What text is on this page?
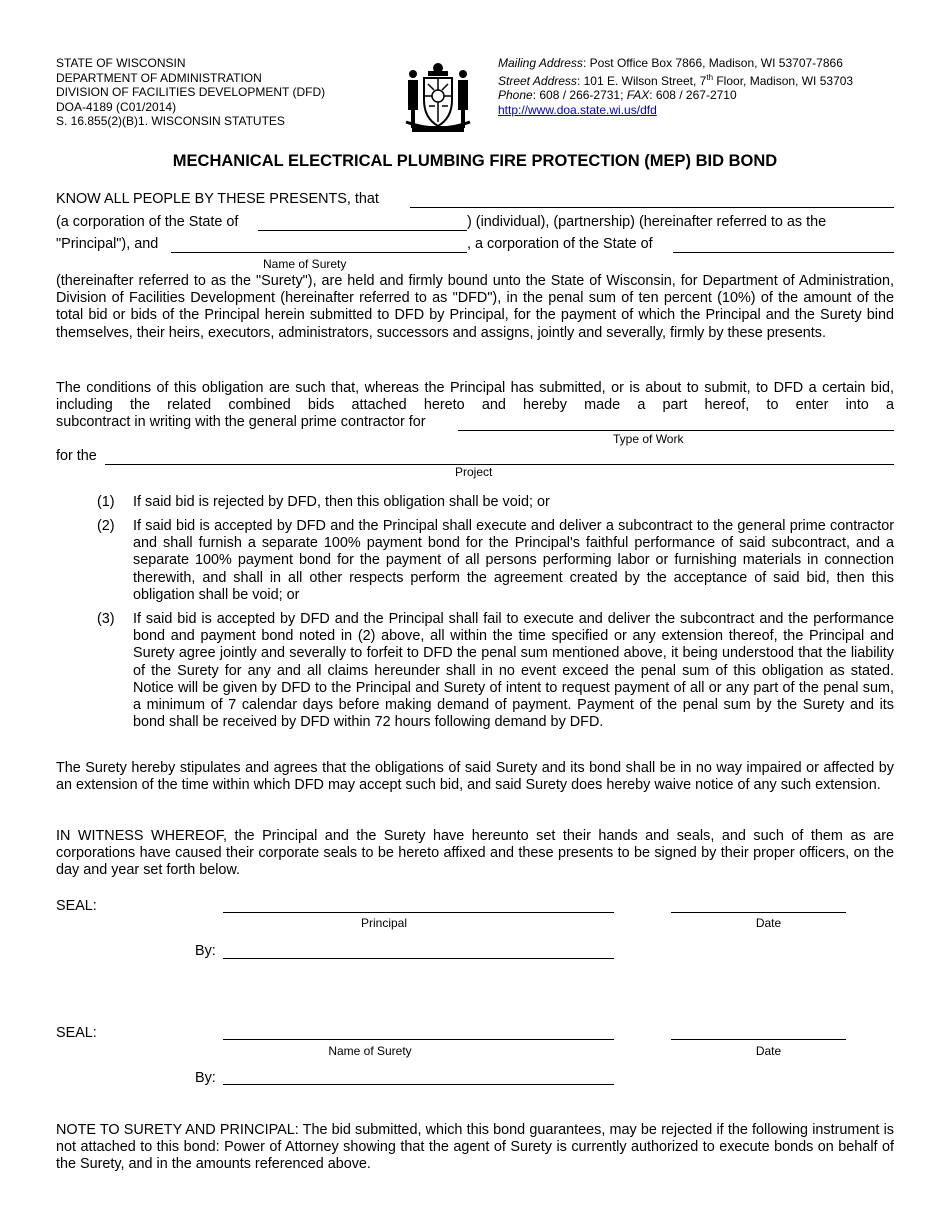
STATE OF WISCONSIN
DEPARTMENT OF ADMINISTRATION
DIVISION OF FACILITIES DEVELOPMENT (DFD)
DOA-4189 (C01/2014)
S. 16.855(2)(B)1. WISCONSIN STATUTES
Mailing Address: Post Office Box 7866, Madison, WI 53707-7866
Street Address: 101 E. Wilson Street, 7th Floor, Madison, WI 53703
Phone: 608 / 266-2731; FAX: 608 / 267-2710
http://www.doa.state.wi.us/dfd
MECHANICAL ELECTRICAL PLUMBING FIRE PROTECTION (MEP) BID BOND
KNOW ALL PEOPLE BY THESE PRESENTS, that
(a corporation of the State of	) (individual), (partnership) (hereinafter referred to as the
"Principal"), and	, a corporation of the State of
Name of Surety
(thereinafter referred to as the "Surety"), are held and firmly bound unto the State of Wisconsin, for Department of Administration, Division of Facilities Development (hereinafter referred to as "DFD"), in the penal sum of ten percent (10%) of the amount of the total bid or bids of the Principal herein submitted to DFD by Principal, for the payment of which the Principal and the Surety bind themselves, their heirs, executors, administrators, successors and assigns, jointly and severally, firmly by these presents.
The conditions of this obligation are such that, whereas the Principal has submitted, or is about to submit, to DFD a certain bid, including the related combined bids attached hereto and hereby made a part hereof, to enter into a
subcontract in writing with the general prime contractor for
Type of Work
for the
Project
(1) If said bid is rejected by DFD, then this obligation shall be void; or
(2) If said bid is accepted by DFD and the Principal shall execute and deliver a subcontract to the general prime contractor and shall furnish a separate 100% payment bond for the Principal's faithful performance of said subcontract, and a separate 100% payment bond for the payment of all persons performing labor or furnishing materials in connection therewith, and shall in all other respects perform the agreement created by the acceptance of said bid, then this obligation shall be void; or
(3) If said bid is accepted by DFD and the Principal shall fail to execute and deliver the subcontract and the performance bond and payment bond noted in (2) above, all within the time specified or any extension thereof, the Principal and Surety agree jointly and severally to forfeit to DFD the penal sum mentioned above, it being understood that the liability of the Surety for any and all claims hereunder shall in no event exceed the penal sum of this obligation as stated. Notice will be given by DFD to the Principal and Surety of intent to request payment of all or any part of the penal sum, a minimum of 7 calendar days before making demand of payment. Payment of the penal sum by the Surety and its bond shall be received by DFD within 72 hours following demand by DFD.
The Surety hereby stipulates and agrees that the obligations of said Surety and its bond shall be in no way impaired or affected by an extension of the time within which DFD may accept such bid, and said Surety does hereby waive notice of any such extension.
IN WITNESS WHEREOF, the Principal and the Surety have hereunto set their hands and seals, and such of them as are corporations have caused their corporate seals to be hereto affixed and these presents to be signed by their proper officers, on the day and year set forth below.
SEAL:
Principal	Date
By:
SEAL:
Name of Surety	Date
By:
NOTE TO SURETY AND PRINCIPAL: The bid submitted, which this bond guarantees, may be rejected if the following instrument is not attached to this bond: Power of Attorney showing that the agent of Surety is currently authorized to execute bonds on behalf of the Surety, and in the amounts referenced above.
